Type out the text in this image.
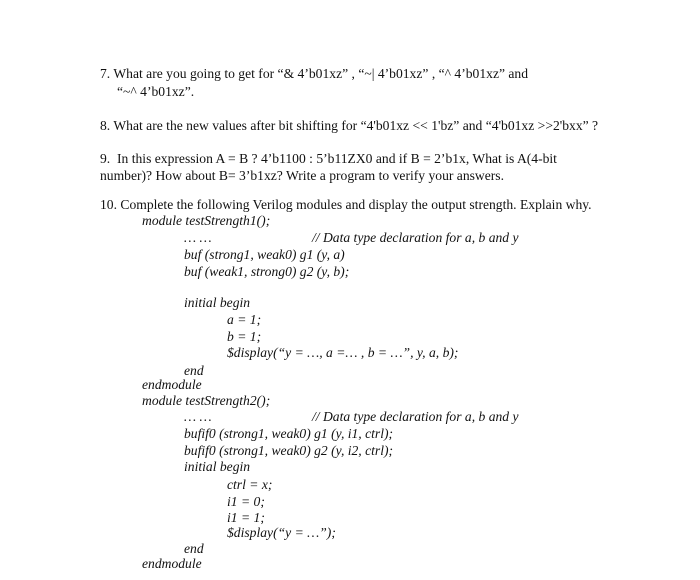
7. What are you going to get for “& 4’b01xz” , “~| 4’b01xz” , “^ 4’b01xz” and
“~^ 4’b01xz”.
8. What are the new values after bit shifting for “4'b01xz << 1'bz” and “4'b01xz >>2'bxx” ?
9.  In this expression A = B ? 4’b1100 : 5’b11ZX0 and if B = 2’b1x, What is A(4-bit
number)? How about B= 3’b1xz? Write a program to verify your answers.
10. Complete the following Verilog modules and display the output strength. Explain why.
module testStrength1();
… …	// Data type declaration for a, b and y
buf (strong1, weak0) g1 (y, a)
buf (weak1, strong0) g2 (y, b);
initial begin
a = 1;
b = 1;
$display(“y = …, a =… , b = …”, y, a, b);
end
endmodule
module testStrength2();
… …	// Data type declaration for a, b and y
bufif0 (strong1, weak0) g1 (y, i1, ctrl);
bufif0 (strong1, weak0) g2 (y, i2, ctrl);
initial begin
ctrl = x;
i1 = 0;
i1 = 1;
$display(“y = …”);
end
endmodule
